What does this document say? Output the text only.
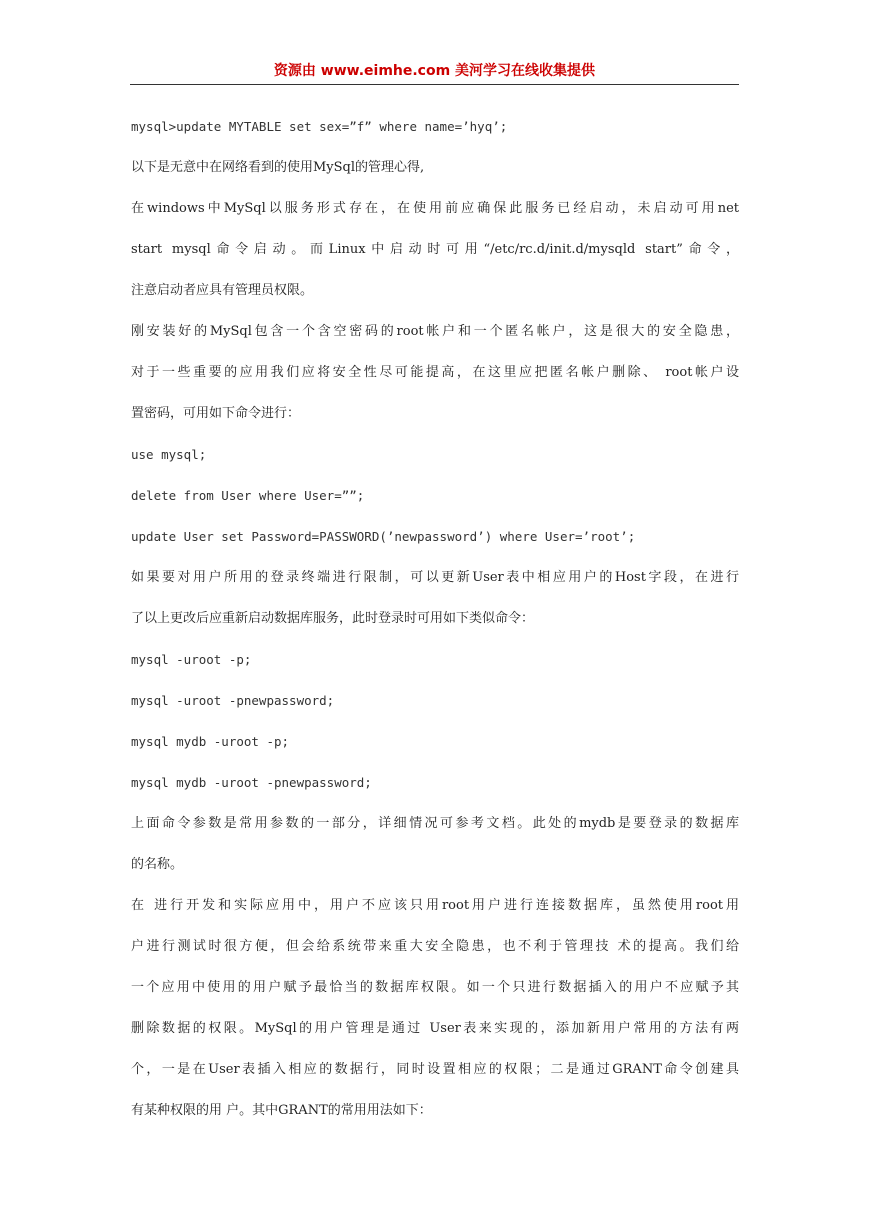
资源由 www.eimhe.com 美河学习在线收集提供
mysql>update MYTABLE set sex=”f” where name=’hyq’;
以下是无意中在网络看到的使用MySql的管理心得,
在windows中MySql以服务形式存在，在使用前应确保此服务已经启动，未启动可用net
start mysql命令启动。而Linux中启动时可用“/etc/rc.d/init.d/mysqld start”命令，
注意启动者应具有管理员权限。
刚安装好的MySql包含一个含空密码的root帐户和一个匿名帐户，这是很大的安全隐患，
对于一些重要的应用我们应将安全性尽可能提高，在这里应把匿名帐户删除、 root帐户设
置密码，可用如下命令进行：
use mysql;
delete from User where User=””;
update User set Password=PASSWORD(’newpassword’) where User=’root’;
如果要对用户所用的登录终端进行限制，可以更新User表中相应用户的Host字段，在进行
了以上更改后应重新启动数据库服务，此时登录时可用如下类似命令：
mysql -uroot -p;
mysql -uroot -pnewpassword;
mysql mydb -uroot -p;
mysql mydb -uroot -pnewpassword;
上面命令参数是常用参数的一部分，详细情况可参考文档。此处的mydb是要登录的数据库
的名称。
在 进行开发和实际应用中，用户不应该只用root用户进行连接数据库，虽然使用root用
户进行测试时很方便，但会给系统带来重大安全隐患，也不利于管理技 术的提高。我们给
一个应用中使用的用户赋予最恰当的数据库权限。如一个只进行数据插入的用户不应赋予其
删除数据的权限。MySql的用户管理是通过 User表来实现的，添加新用户常用的方法有两
个，一是在User表插入相应的数据行，同时设置相应的权限；二是通过GRANT命令创建具
有某种权限的用 户。其中GRANT的常用用法如下：
